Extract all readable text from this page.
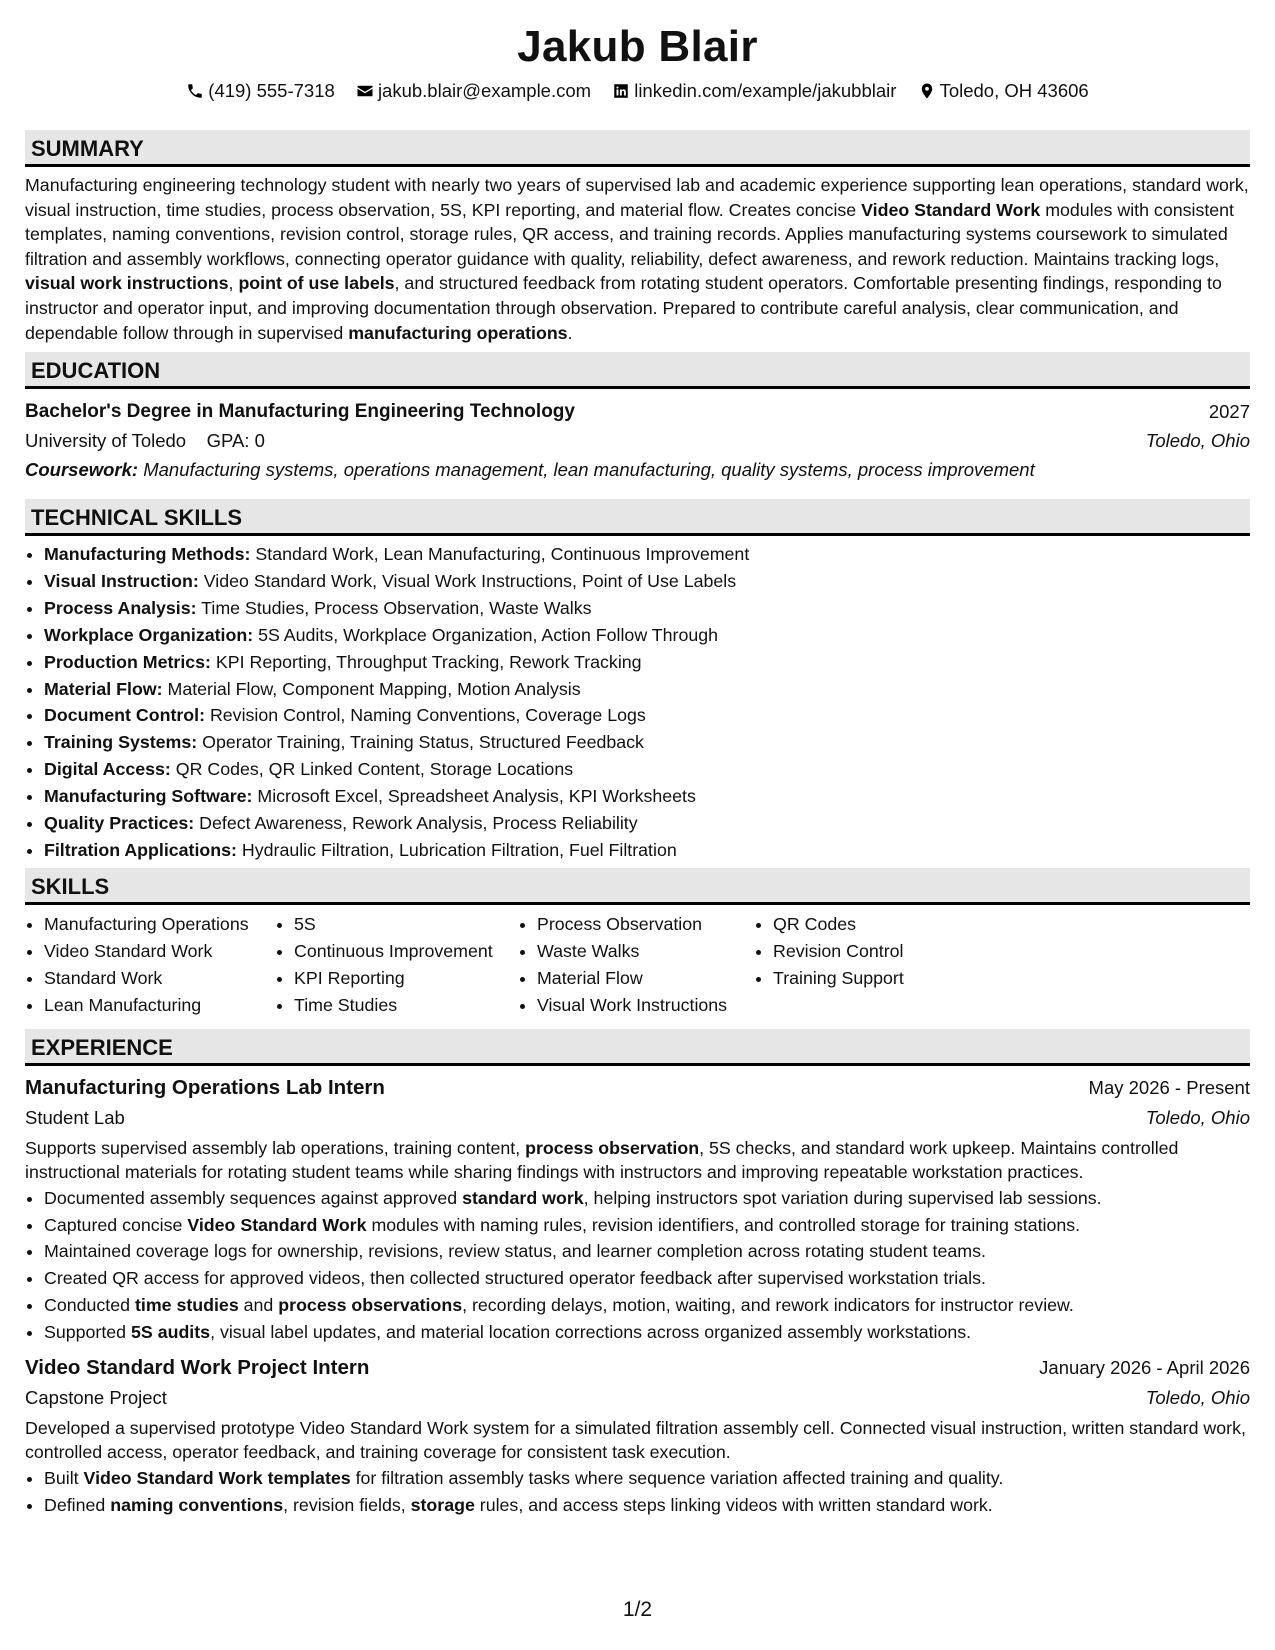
Jakub Blair
(419) 555-7318 jakub.blair@example.com linkedin.com/example/jakubblair Toledo, OH 43606
SUMMARY
Manufacturing engineering technology student with nearly two years of supervised lab and academic experience supporting lean operations, standard work, visual instruction, time studies, process observation, 5S, KPI reporting, and material flow. Creates concise Video Standard Work modules with consistent templates, naming conventions, revision control, storage rules, QR access, and training records. Applies manufacturing systems coursework to simulated filtration and assembly workflows, connecting operator guidance with quality, reliability, defect awareness, and rework reduction. Maintains tracking logs, visual work instructions, point of use labels, and structured feedback from rotating student operators. Comfortable presenting findings, responding to instructor and operator input, and improving documentation through observation. Prepared to contribute careful analysis, clear communication, and dependable follow through in supervised manufacturing operations.
EDUCATION
Bachelor's Degree in Manufacturing Engineering Technology	2027
University of Toledo GPA: 0	Toledo, Ohio
Coursework: Manufacturing systems, operations management, lean manufacturing, quality systems, process improvement
TECHNICAL SKILLS
• Manufacturing Methods: Standard Work, Lean Manufacturing, Continuous Improvement
• Visual Instruction: Video Standard Work, Visual Work Instructions, Point of Use Labels
• Process Analysis: Time Studies, Process Observation, Waste Walks
• Workplace Organization: 5S Audits, Workplace Organization, Action Follow Through
• Production Metrics: KPI Reporting, Throughput Tracking, Rework Tracking
• Material Flow: Material Flow, Component Mapping, Motion Analysis
• Document Control: Revision Control, Naming Conventions, Coverage Logs
• Training Systems: Operator Training, Training Status, Structured Feedback
• Digital Access: QR Codes, QR Linked Content, Storage Locations
• Manufacturing Software: Microsoft Excel, Spreadsheet Analysis, KPI Worksheets
• Quality Practices: Defect Awareness, Rework Analysis, Process Reliability
• Filtration Applications: Hydraulic Filtration, Lubrication Filtration, Fuel Filtration
SKILLS
• Manufacturing Operations
• Video Standard Work
• Standard Work
• Lean Manufacturing
• 5S
• Continuous Improvement
• KPI Reporting
• Time Studies
• Process Observation
• Waste Walks
• Material Flow
• Visual Work Instructions
• QR Codes
• Revision Control
• Training Support
EXPERIENCE
Manufacturing Operations Lab Intern	May 2026 - Present
Student Lab	Toledo, Ohio
Supports supervised assembly lab operations, training content, process observation, 5S checks, and standard work upkeep. Maintains controlled instructional materials for rotating student teams while sharing findings with instructors and improving repeatable workstation practices.
• Documented assembly sequences against approved standard work, helping instructors spot variation during supervised lab sessions.
• Captured concise Video Standard Work modules with naming rules, revision identifiers, and controlled storage for training stations.
• Maintained coverage logs for ownership, revisions, review status, and learner completion across rotating student teams.
• Created QR access for approved videos, then collected structured operator feedback after supervised workstation trials.
• Conducted time studies and process observations, recording delays, motion, waiting, and rework indicators for instructor review.
• Supported 5S audits, visual label updates, and material location corrections across organized assembly workstations.
Video Standard Work Project Intern	January 2026 - April 2026
Capstone Project	Toledo, Ohio
Developed a supervised prototype Video Standard Work system for a simulated filtration assembly cell. Connected visual instruction, written standard work, controlled access, operator feedback, and training coverage for consistent task execution.
• Built Video Standard Work templates for filtration assembly tasks where sequence variation affected training and quality.
• Defined naming conventions, revision fields, storage rules, and access steps linking videos with written standard work.
1/2
